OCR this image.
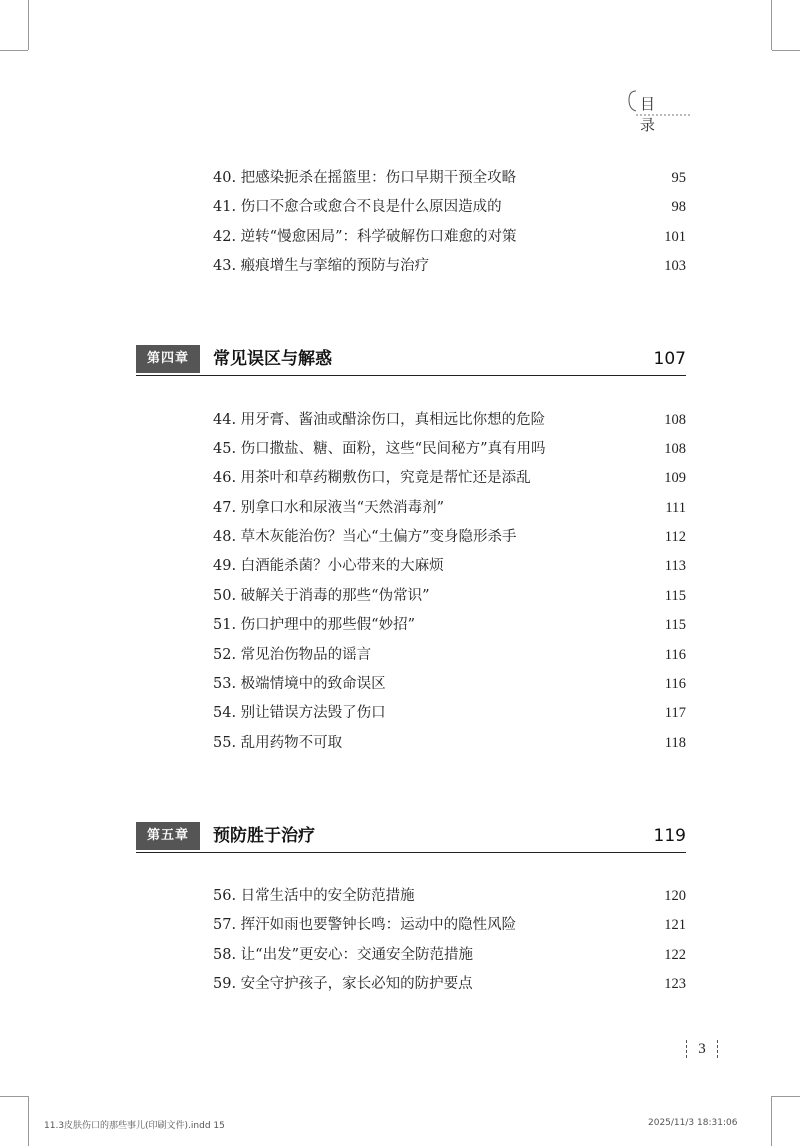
目 录
40. 把感染扼杀在摇篮里：伤口早期干预全攻略	95
41. 伤口不愈合或愈合不良是什么原因造成的	98
42. 逆转“慢愈困局”：科学破解伤口难愈的对策	101
43. 瘢痕增生与挛缩的预防与治疗	103
第四章	常见误区与解惑	107
44. 用牙膏、酱油或醋涂伤口，真相远比你想的危险	108
45. 伤口撒盐、糖、面粉，这些“民间秘方”真有用吗	108
46. 用茶叶和草药糊敷伤口，究竟是帮忙还是添乱	109
47. 别拿口水和尿液当“天然消毒剂”	111
48. 草木灰能治伤？当心“土偏方”变身隐形杀手	112
49. 白酒能杀菌？小心带来的大麻烦	113
50. 破解关于消毒的那些“伪常识”	115
51. 伤口护理中的那些假“妙招”	115
52. 常见治伤物品的谣言	116
53. 极端情境中的致命误区	116
54. 别让错误方法毁了伤口	117
55. 乱用药物不可取	118
第五章	预防胜于治疗	119
56. 日常生活中的安全防范措施	120
57. 挥汗如雨也要警钟长鸣：运动中的隐性风险	121
58. 让“出发”更安心：交通安全防范措施	122
59. 安全守护孩子，家长必知的防护要点	123
3
11.3皮肤伤口的那些事儿(印刷文件).indd 15	2025/11/3 18:31:06
